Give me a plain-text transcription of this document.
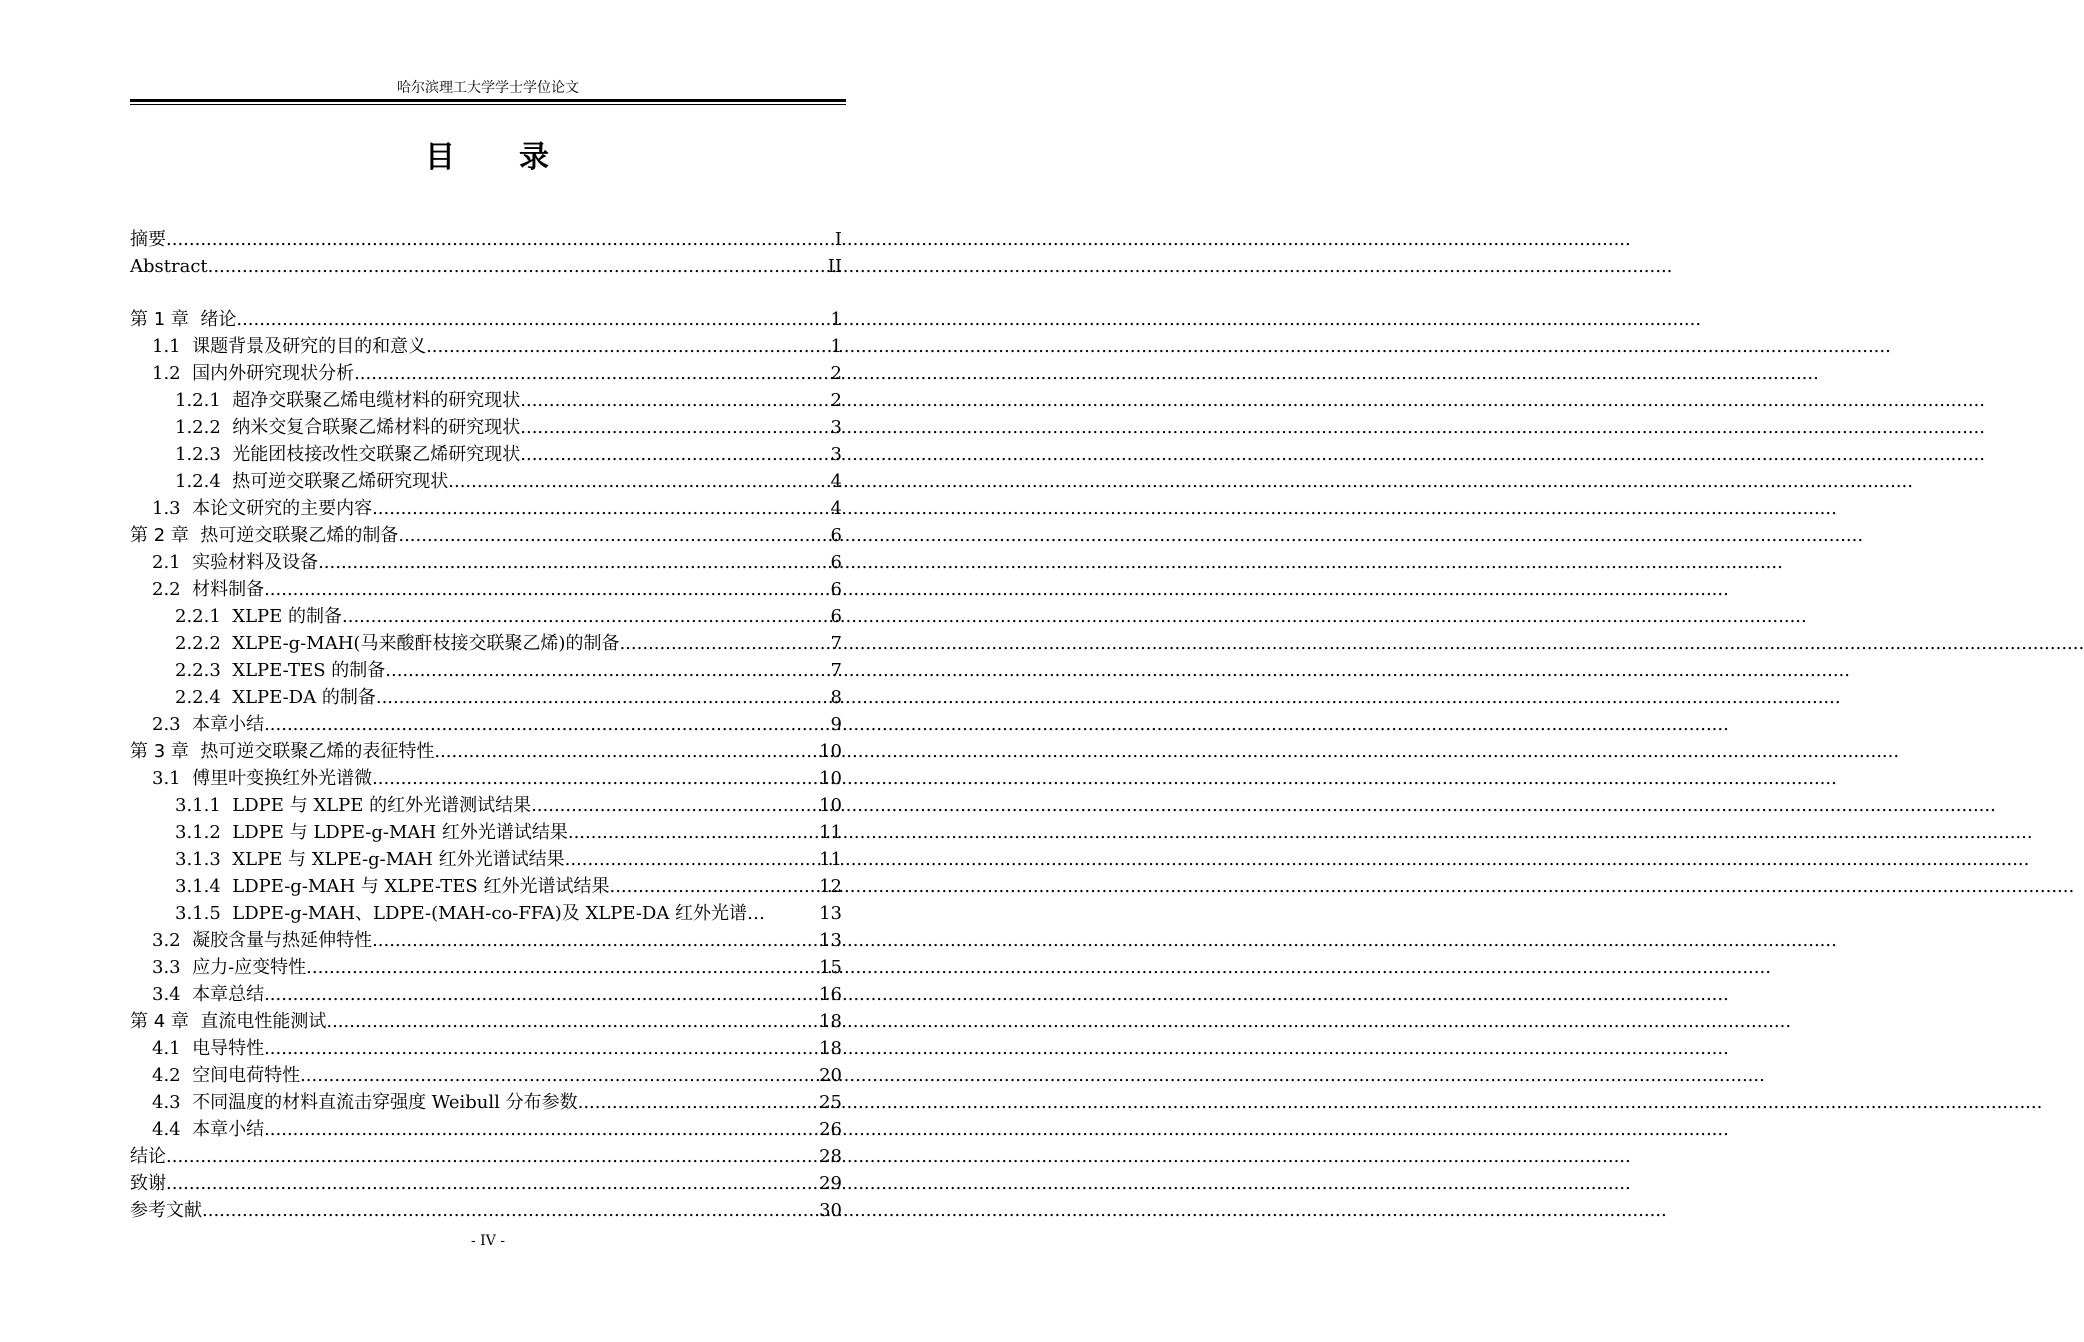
哈尔滨理工大学学士学位论文
目 录
摘要 .....	I
Abstract .....	II
第 1 章 绪论 .....	1
1.1 课题背景及研究的目的和意义 .....	1
1.2 国内外研究现状分析 .....	2
1.2.1 超净交联聚乙烯电缆材料的研究现状 .....	2
1.2.2 纳米交复合联聚乙烯材料的研究现状 .....	3
1.2.3 光能团枝接改性交联聚乙烯研究现状 .....	3
1.2.4 热可逆交联聚乙烯研究现状 .....	4
1.3 本论文研究的主要内容 .....	4
第 2 章 热可逆交联聚乙烯的制备 .....	6
2.1 实验材料及设备 .....	6
2.2 材料制备 .....	6
2.2.1 XLPE 的制备 .....	6
2.2.2 XLPE-g-MAH(马来酸酐枝接交联聚乙烯)的制备 .....	7
2.2.3 XLPE-TES 的制备 .....	7
2.2.4 XLPE-DA 的制备 .....	8
2.3 本章小结 .....	9
第 3 章 热可逆交联聚乙烯的表征特性 .....	10
3.1 傅里叶变换红外光谱微 .....	10
3.1.1 LDPE 与 XLPE 的红外光谱测试结果 .....	10
3.1.2 LDPE 与 LDPE-g-MAH 红外光谱试结果 .....	11
3.1.3 XLPE 与 XLPE-g-MAH 红外光谱试结果 .....	11
3.1.4 LDPE-g-MAH 与 XLPE-TES 红外光谱试结果 .....	12
3.1.5 LDPE-g-MAH、LDPE-(MAH-co-FFA)及 XLPE-DA 红外光谱…	13
3.2 凝胶含量与热延伸特性 .....	13
3.3 应力-应变特性 .....	15
3.4 本章总结 .....	16
第 4 章 直流电性能测试 .....	18
4.1 电导特性 .....	18
4.2 空间电荷特性 .....	20
4.3 不同温度的材料直流击穿强度 Weibull 分布参数 .....	25
4.4 本章小结 .....	26
结论 .....	28
致谢 .....	29
参考文献 .....	30
- IV -
